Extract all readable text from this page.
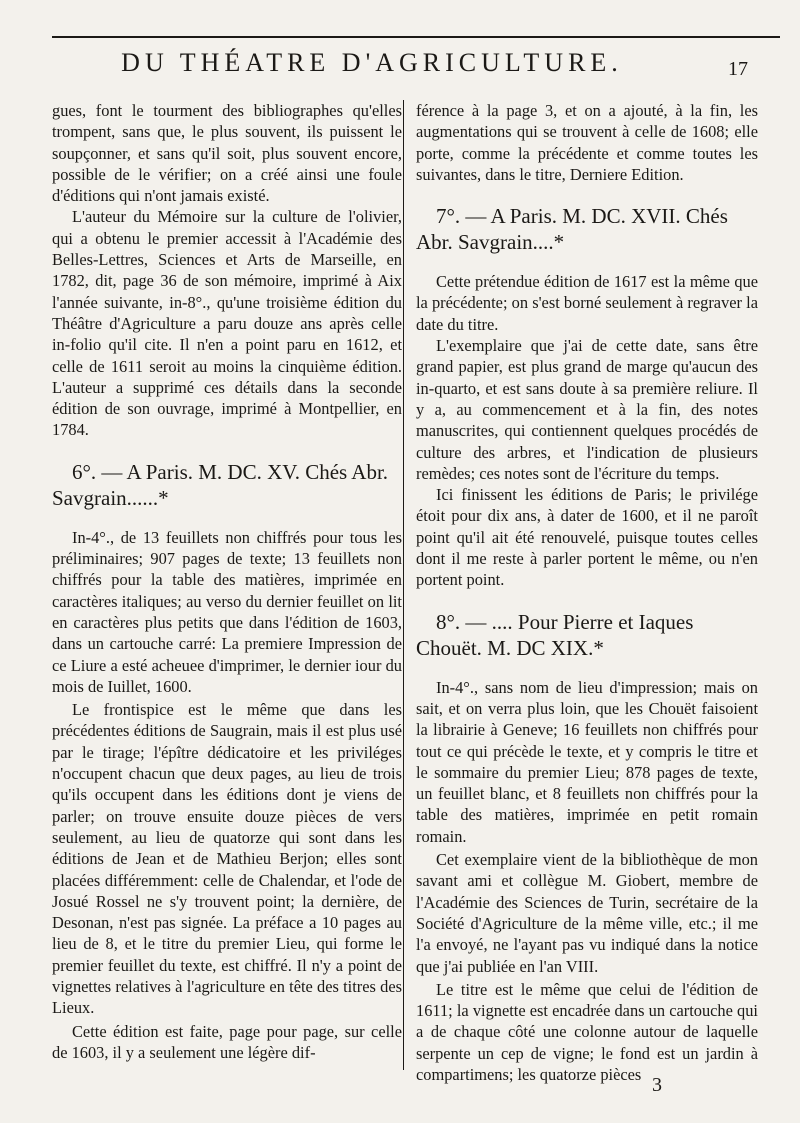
DU THÉATRE D'AGRICULTURE.	17

gues, font le tourment des bibliographes qu'elles trompent, sans que, le plus souvent, ils puissent le soupçonner, et sans qu'il soit, plus souvent encore, possible de le vérifier; on a créé ainsi une foule d'éditions qui n'ont jamais existé.

L'auteur du Mémoire sur la culture de l'olivier, qui a obtenu le premier accessit à l'Académie des Belles-Lettres, Sciences et Arts de Marseille, en 1782, dit, page 36 de son mémoire, imprimé à Aix l'année suivante, in-8°., qu'une troisième édition du Théâtre d'Agriculture a paru douze ans après celle in-folio qu'il cite. Il n'en a point paru en 1612, et celle de 1611 seroit au moins la cinquième édition. L'auteur a supprimé ces détails dans la seconde édition de son ouvrage, imprimé à Montpellier, en 1784.

6°. — A Paris. M. DC. XV. Chés Abr. Savgrain......*

In-4°., de 13 feuillets non chiffrés pour tous les préliminaires; 907 pages de texte; 13 feuillets non chiffrés pour la table des matières, imprimée en caractères italiques; au verso du dernier feuillet on lit en caractères plus petits que dans l'édition de 1603, dans un cartouche carré: La premiere Impression de ce Liure a esté acheuee d'imprimer, le dernier iour du mois de Iuillet, 1600.

Le frontispice est le même que dans les précédentes éditions de Saugrain, mais il est plus usé par le tirage; l'épître dédicatoire et les priviléges n'occupent chacun que deux pages, au lieu de trois qu'ils occupent dans les éditions dont je viens de parler; on trouve ensuite douze pièces de vers seulement, au lieu de quatorze qui sont dans les éditions de Jean et de Mathieu Berjon; elles sont placées différemment: celle de Chalendar, et l'ode de Josué Rossel ne s'y trouvent point; la dernière, de Desonan, n'est pas signée. La préface a 10 pages au lieu de 8, et le titre du premier Lieu, qui forme le premier feuillet du texte, est chiffré. Il n'y a point de vignettes relatives à l'agriculture en tête des titres des Lieux.

Cette édition est faite, page pour page, sur celle de 1603, il y a seulement une légère dif-

férence à la page 3, et on a ajouté, à la fin, les augmentations qui se trouvent à celle de 1608; elle porte, comme la précédente et comme toutes les suivantes, dans le titre, Derniere Edition.

7°. — A Paris. M. DC. XVII. Chés Abr. Savgrain....*

Cette prétendue édition de 1617 est la même que la précédente; on s'est borné seulement à regraver la date du titre.

L'exemplaire que j'ai de cette date, sans être grand papier, est plus grand de marge qu'aucun des in-quarto, et est sans doute à sa première reliure. Il y a, au commencement et à la fin, des notes manuscrites, qui contiennent quelques procédés de culture des arbres, et l'indication de plusieurs remèdes; ces notes sont de l'écriture du temps.

Ici finissent les éditions de Paris; le privilége étoit pour dix ans, à dater de 1600, et il ne paroît point qu'il ait été renouvelé, puisque toutes celles dont il me reste à parler portent le même, ou n'en portent point.

8°. — .... Pour Pierre et Iaques Chouët. M. DC XIX.*

In-4°., sans nom de lieu d'impression; mais on sait, et on verra plus loin, que les Chouët faisoient la librairie à Geneve; 16 feuillets non chiffrés pour tout ce qui précède le texte, et y compris le titre et le sommaire du premier Lieu; 878 pages de texte, un feuillet blanc, et 8 feuillets non chiffrés pour la table des matières, imprimée en petit romain romain.

Cet exemplaire vient de la bibliothèque de mon savant ami et collègue M. Giobert, membre de l'Académie des Sciences de Turin, secrétaire de la Société d'Agriculture de la même ville, etc.; il me l'a envoyé, ne l'ayant pas vu indiqué dans la notice que j'ai publiée en l'an VIII.

Le titre est le même que celui de l'édition de 1611; la vignette est encadrée dans un cartouche qui a de chaque côté une colonne autour de laquelle serpente un cep de vigne; le fond est un jardin à compartimens; les quatorze pièces 3
